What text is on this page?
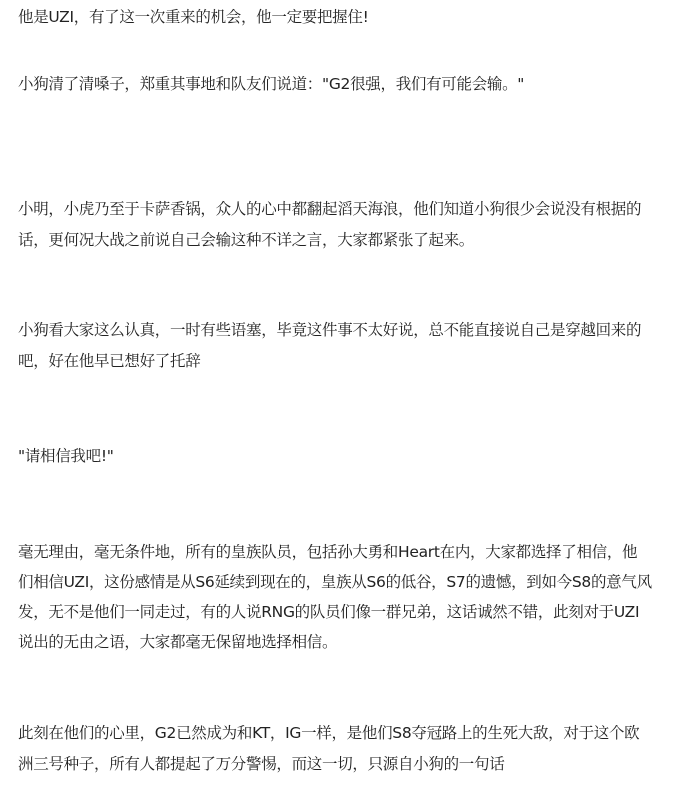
他是UZI，有了这一次重来的机会，他一定要把握住!

小狗清了清嗓子，郑重其事地和队友们说道："G2很强，我们有可能会输。"

小明，小虎乃至于卡萨香锅，众人的心中都翻起滔天海浪，他们知道小狗很少会说没有根据的
话，更何况大战之前说自己会输这种不详之言，大家都紧张了起来。

小狗看大家这么认真，一时有些语塞，毕竟这件事不太好说，总不能直接说自己是穿越回来的
吧，好在他早已想好了托辞

"请相信我吧!"

毫无理由，毫无条件地，所有的皇族队员，包括孙大勇和Heart在内，大家都选择了相信，他
们相信UZI，这份感情是从S6延续到现在的，皇族从S6的低谷，S7的遗憾，到如今S8的意气风
发，无不是他们一同走过，有的人说RNG的队员们像一群兄弟，这话诚然不错，此刻对于UZI
说出的无由之语，大家都毫无保留地选择相信。

此刻在他们的心里，G2已然成为和KT，IG一样，是他们S8夺冠路上的生死大敌，对于这个欧
洲三号种子，所有人都提起了万分警惕，而这一切，只源自小狗的一句话
